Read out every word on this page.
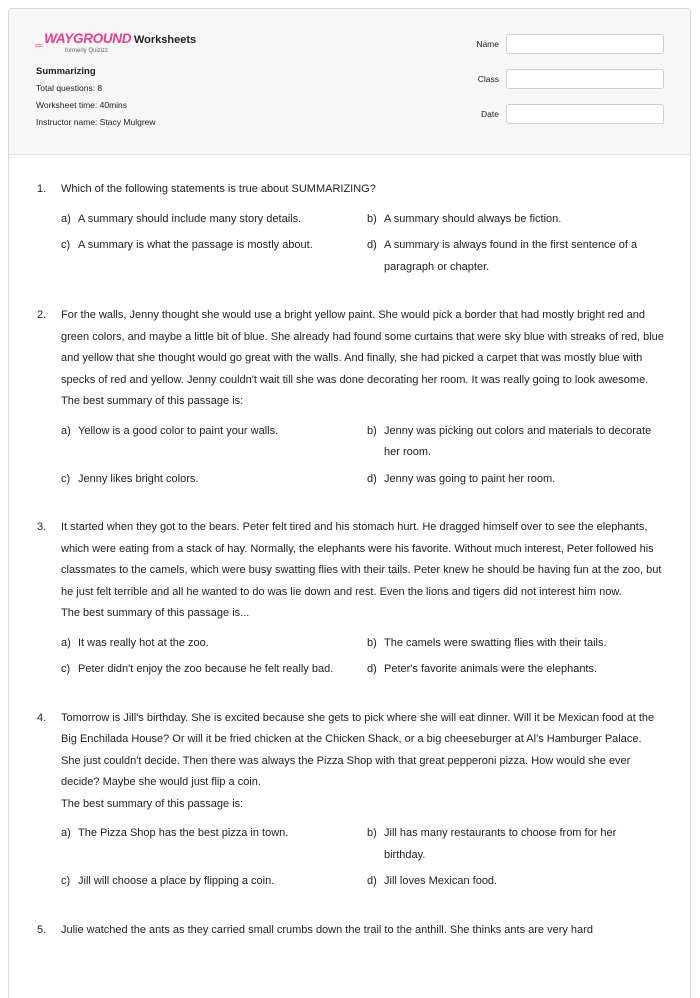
‗ WAYGROUND
formerly Quizizz
Worksheets
Summarizing
Total questions: 8
Worksheet time: 40mins
Instructor name: Stacy Mulgrew
Name
Class
Date
1.	Which of the following statements is true about SUMMARIZING?
a) A summary should include many story details.	b) A summary should always be fiction.
c) A summary is what the passage is mostly about.	d) A summary is always found in the first sentence of a paragraph or chapter.
2.	For the walls, Jenny thought she would use a bright yellow paint. She would pick a border that had mostly bright red and green colors, and maybe a little bit of blue. She already had found some curtains that were sky blue with streaks of red, blue and yellow that she thought would go great with the walls. And finally, she had picked a carpet that was mostly blue with specks of red and yellow. Jenny couldn't wait till she was done decorating her room. It was really going to look awesome.
The best summary of this passage is:
a) Yellow is a good color to paint your walls.	b) Jenny was picking out colors and materials to decorate her room.
c) Jenny likes bright colors.	d) Jenny was going to paint her room.
3.	It started when they got to the bears. Peter felt tired and his stomach hurt. He dragged himself over to see the elephants, which were eating from a stack of hay. Normally, the elephants were his favorite. Without much interest, Peter followed his classmates to the camels, which were busy swatting flies with their tails. Peter knew he should be having fun at the zoo, but he just felt terrible and all he wanted to do was lie down and rest. Even the lions and tigers did not interest him now.
The best summary of this passage is...
a) It was really hot at the zoo.	b) The camels were swatting flies with their tails.
c) Peter didn't enjoy the zoo because he felt really bad.	d) Peter's favorite animals were the elephants.
4.	Tomorrow is Jill's birthday. She is excited because she gets to pick where she will eat dinner. Will it be Mexican food at the Big Enchilada House? Or will it be fried chicken at the Chicken Shack, or a big cheeseburger at Al's Hamburger Palace. She just couldn't decide. Then there was always the Pizza Shop with that great pepperoni pizza. How would she ever decide? Maybe she would just flip a coin.
The best summary of this passage is:
a) The Pizza Shop has the best pizza in town.	b) Jill has many restaurants to choose from for her birthday.
c) Jill will choose a place by flipping a coin.	d) Jill loves Mexican food.
5.	Julie watched the ants as they carried small crumbs down the trail to the anthill. She thinks ants are very hard
